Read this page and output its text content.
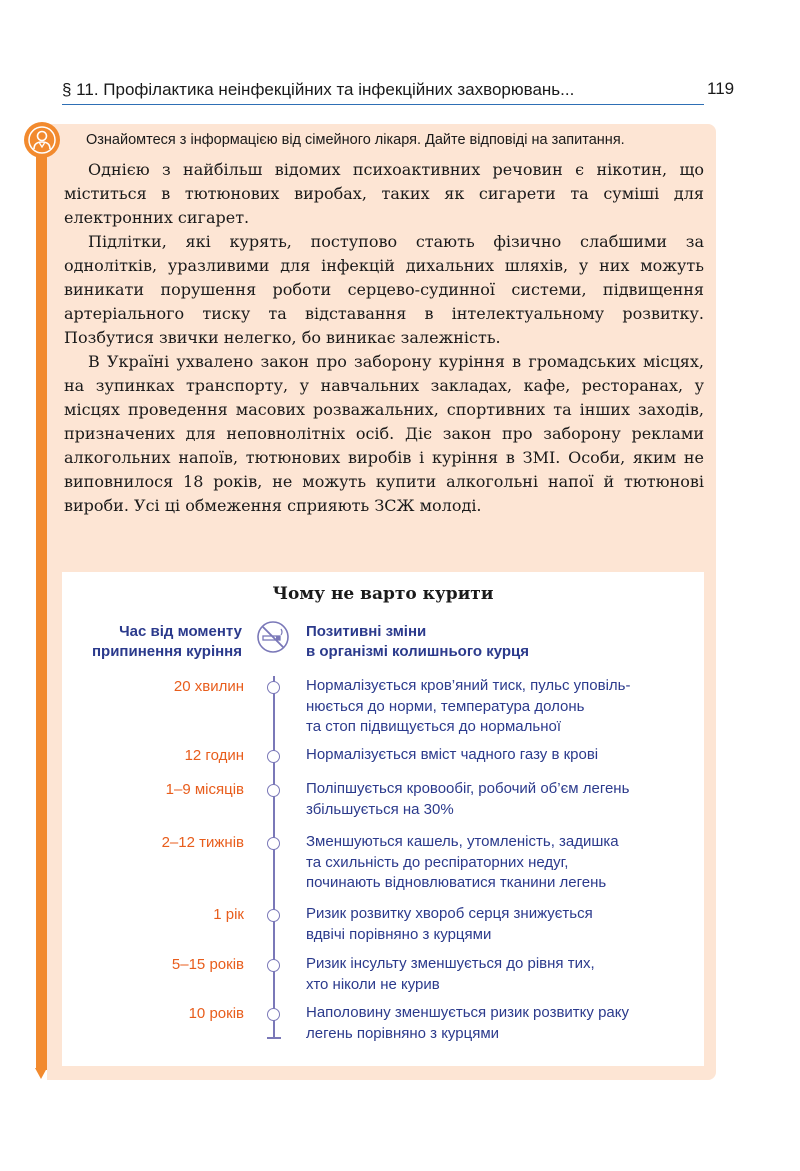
§ 11. Профілактика неінфекційних та інфекційних захворювань...	119
Ознайомтеся з інформацією від сімейного лікаря. Дайте відповіді на запитання.

Однією з найбільш відомих психоактивних речовин є нікотин, що міститься в тютюнових виробах, таких як сигарети та суміші для електронних сигарет.

Підлітки, які курять, поступово стають фізично слабшими за однолітків, уразливими для інфекцій дихальних шляхів, у них можуть виникати порушення роботи серцево-судинної системи, підвищення артеріального тиску та відставання в інтелектуальному розвитку. Позбутися звички нелегко, бо виникає залежність.

В Україні ухвалено закон про заборону куріння в громадських місцях, на зупинках транспорту, у навчальних закладах, кафе, ресторанах, у місцях проведення масових розважальних, спортивних та інших заходів, призначених для неповнолітніх осіб. Діє закон про заборону реклами алкогольних напоїв, тютюнових виробів і куріння в ЗМІ. Особи, яким не виповнилося 18 років, не можуть купити алкогольні напої й тютюнові вироби. Усі ці обмеження сприяють ЗСЖ молоді.

Чому не варто курити
Час від моменту
припинення куріння
Позитивні зміни
в організмі колишнього курця
20 хвилин	Нормалізується кров’яний тиск, пульс уповіль-
нюється до норми, температура долонь
та стоп підвищується до нормальної
12 годин	Нормалізується вміст чадного газу в крові
1–9 місяців	Поліпшується кровообіг, робочий об’єм легень
збільшується на 30%
2–12 тижнів	Зменшуються кашель, утомленість, задишка
та схильність до респіраторних недуг,
починають відновлюватися тканини легень
1 рік	Ризик розвитку хвороб серця знижується
вдвічі порівняно з курцями
5–15 років	Ризик інсульту зменшується до рівня тих,
хто ніколи не курив
10 років	Наполовину зменшується ризик розвитку раку
легень порівняно з курцями
